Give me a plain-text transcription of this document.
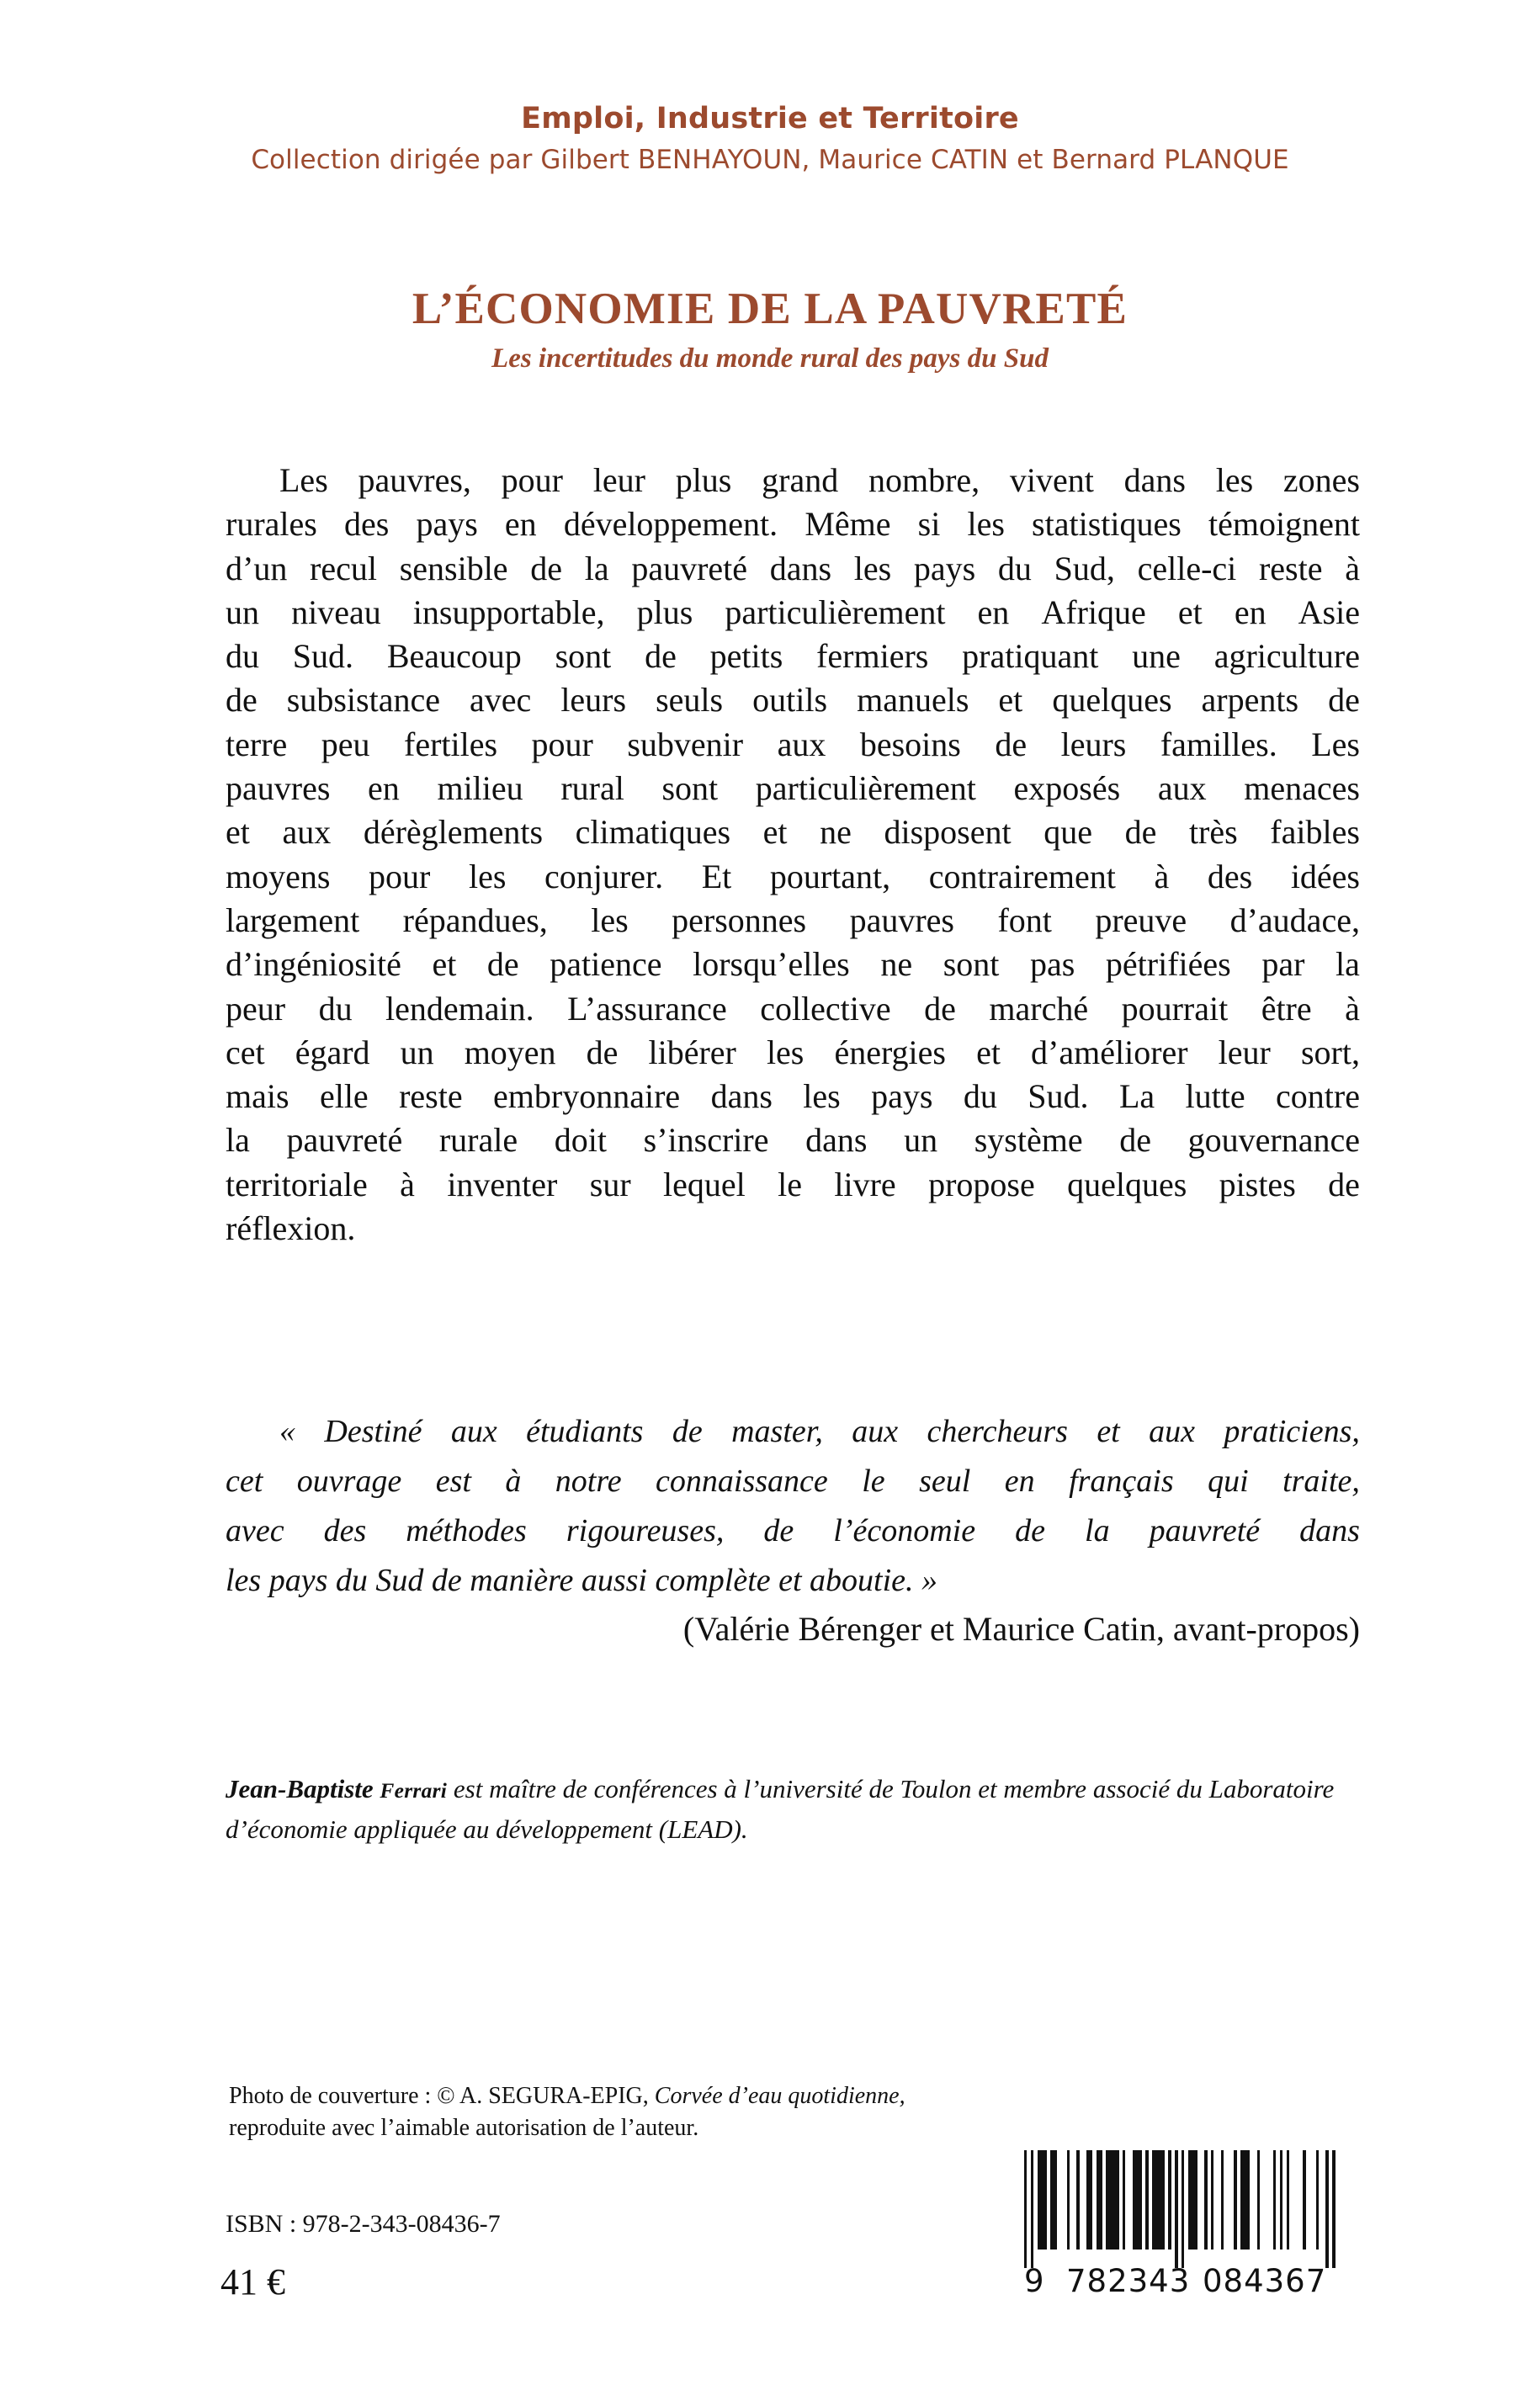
Emploi, Industrie et Territoire
Collection dirigée par Gilbert BENHAYOUN, Maurice CATIN et Bernard PLANQUE
L’ÉCONOMIE DE LA PAUVRETÉ
Les incertitudes du monde rural des pays du Sud
Les pauvres, pour leur plus grand nombre, vivent dans les zones
rurales des pays en développement. Même si les statistiques témoignent
d’un recul sensible de la pauvreté dans les pays du Sud, celle-ci reste à
un niveau insupportable, plus particulièrement en Afrique et en Asie
du Sud. Beaucoup sont de petits fermiers pratiquant une agriculture
de subsistance avec leurs seuls outils manuels et quelques arpents de
terre peu fertiles pour subvenir aux besoins de leurs familles. Les
pauvres en milieu rural sont particulièrement exposés aux menaces
et aux dérèglements climatiques et ne disposent que de très faibles
moyens pour les conjurer. Et pourtant, contrairement à des idées
largement répandues, les personnes pauvres font preuve d’audace,
d’ingéniosité et de patience lorsqu’elles ne sont pas pétrifiées par la
peur du lendemain. L’assurance collective de marché pourrait être à
cet égard un moyen de libérer les énergies et d’améliorer leur sort,
mais elle reste embryonnaire dans les pays du Sud. La lutte contre
la pauvreté rurale doit s’inscrire dans un système de gouvernance
territoriale à inventer sur lequel le livre propose quelques pistes de
réflexion.
« Destiné aux étudiants de master, aux chercheurs et aux praticiens,
cet ouvrage est à notre connaissance le seul en français qui traite,
avec des méthodes rigoureuses, de l’économie de la pauvreté dans
les pays du Sud de manière aussi complète et aboutie. »
(Valérie Bérenger et Maurice Catin, avant-propos)
Jean-Baptiste Ferrari est maître de conférences à l’université de Toulon et membre associé du Laboratoire d’économie appliquée au développement (LEAD).
Photo de couverture : © A. SEGURA-EPIG, Corvée d’eau quotidienne, reproduite avec l’aimable autorisation de l’auteur.
ISBN : 978-2-343-08436-7
41 €	9 782343 084367
